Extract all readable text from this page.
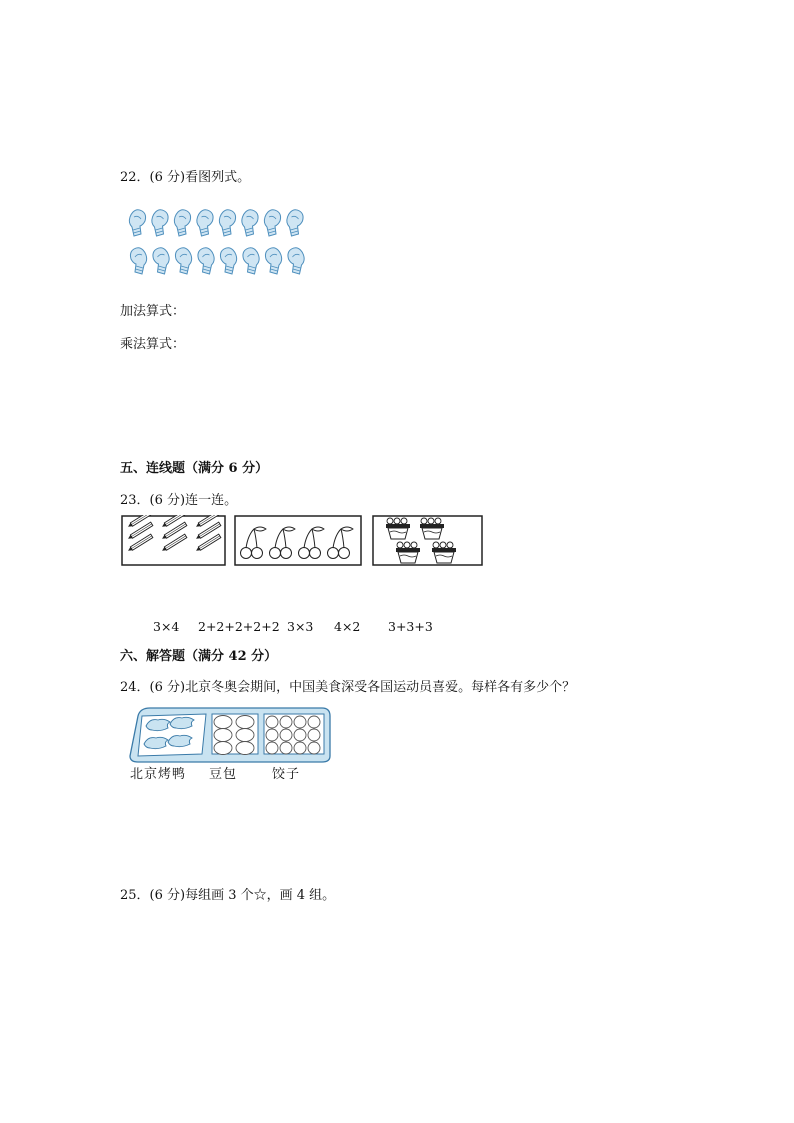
22．(6 分)看图列式。
加法算式：
乘法算式：
五、连线题（满分 6 分）
23．(6 分)连一连。
3×4 2+2+2+2+2 3×3 4×2 3+3+3
六、解答题（满分 42 分）
24．(6 分)北京冬奥会期间，中国美食深受各国运动员喜爱。每样各有多少个？
北京烤鸭 豆包	饺子
25．(6 分)每组画 3 个☆，画 4 组。
